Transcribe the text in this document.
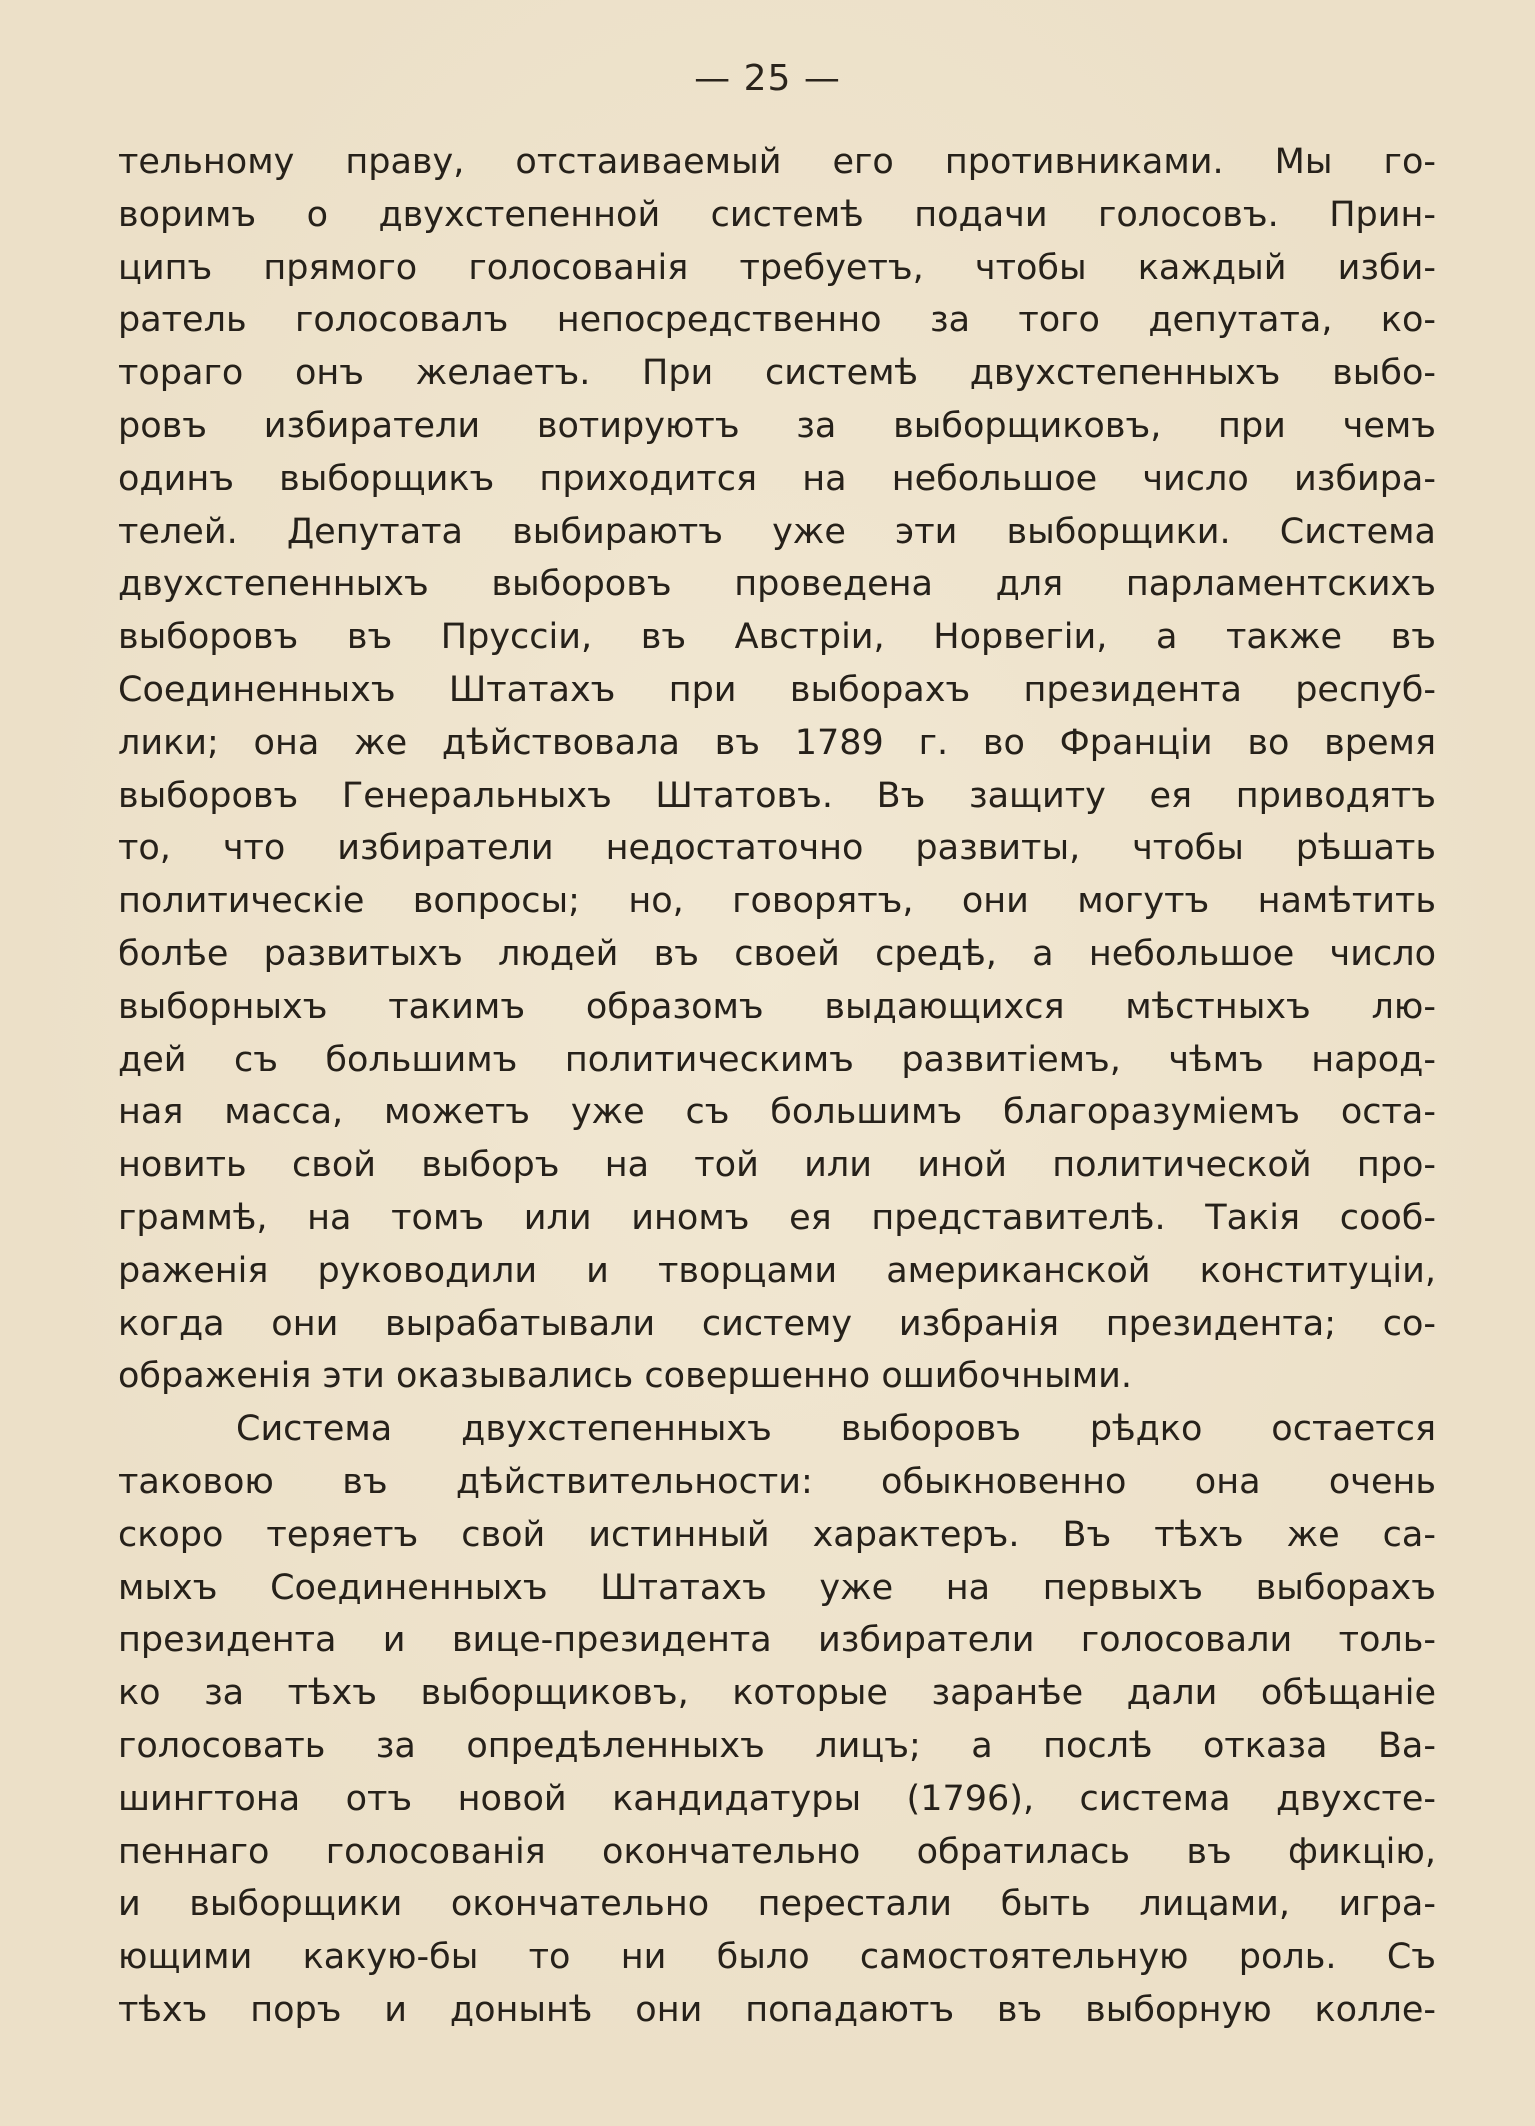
— 25 —
тельному праву, отстаиваемый его противниками. Мы го-
воримъ о двухстепенной системѣ подачи голосовъ. Прин-
ципъ прямого голосованія требуетъ, чтобы каждый изби-
ратель голосовалъ непосредственно за того депутата, ко-
тораго онъ желаетъ. При системѣ двухстепенныхъ выбо-
ровъ избиратели вотируютъ за выборщиковъ, при чемъ
одинъ выборщикъ приходится на небольшое число избира-
телей. Депутата выбираютъ уже эти выборщики. Система
двухстепенныхъ выборовъ проведена для парламентскихъ
выборовъ въ Пруссіи, въ Австріи, Норвегіи, а также въ
Соединенныхъ Штатахъ при выборахъ президента респуб-
лики; она же дѣйствовала въ 1789 г. во Франціи во время
выборовъ Генеральныхъ Штатовъ. Въ защиту ея приводятъ
то, что избиратели недостаточно развиты, чтобы рѣшать
политическіе вопросы; но, говорятъ, они могутъ намѣтить
болѣе развитыхъ людей въ своей средѣ, а небольшое число
выборныхъ такимъ образомъ выдающихся мѣстныхъ лю-
дей съ большимъ политическимъ развитіемъ, чѣмъ народ-
ная масса, можетъ уже съ большимъ благоразуміемъ оста-
новить свой выборъ на той или иной политической про-
граммѣ, на томъ или иномъ ея представителѣ. Такія сооб-
раженія руководили и творцами американской конституціи,
когда они вырабатывали систему избранія президента; со-
ображенія эти оказывались совершенно ошибочными.
Система двухстепенныхъ выборовъ рѣдко остается
таковою въ дѣйствительности: обыкновенно она очень
скоро теряетъ свой истинный характеръ. Въ тѣхъ же са-
мыхъ Соединенныхъ Штатахъ уже на первыхъ выборахъ
президента и вице-президента избиратели голосовали толь-
ко за тѣхъ выборщиковъ, которые заранѣе дали обѣщаніе
голосовать за опредѣленныхъ лицъ; а послѣ отказа Ва-
шингтона отъ новой кандидатуры (1796), система двухсте-
пеннаго голосованія окончательно обратилась въ фикцію,
и выборщики окончательно перестали быть лицами, игра-
ющими какую-бы то ни было самостоятельную роль. Съ
тѣхъ поръ и донынѣ они попадаютъ въ выборную колле-
